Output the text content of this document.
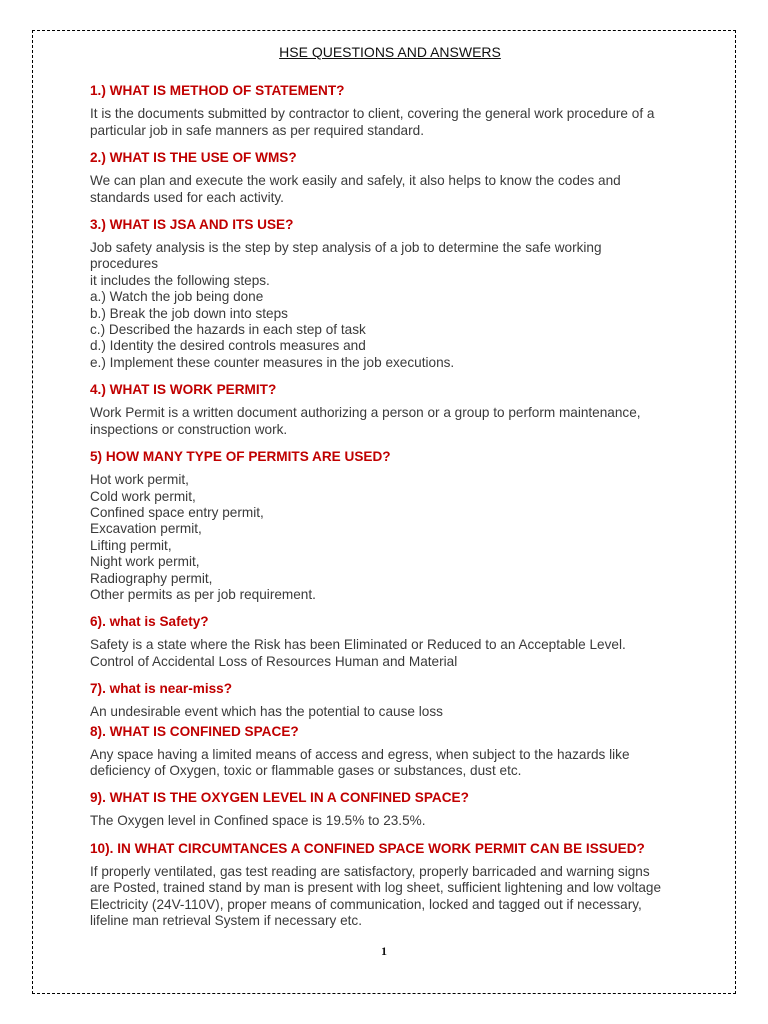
HSE QUESTIONS AND ANSWERS
1.) WHAT IS METHOD OF STATEMENT?
It is the documents submitted by contractor to client, covering the general work procedure of a
particular job in safe manners as per required standard.
2.) WHAT IS THE USE OF WMS?
We can plan and execute the work easily and safely, it also helps to know the codes and
standards used for each activity.
3.) WHAT IS JSA AND ITS USE?
Job safety analysis is the step by step analysis of a job to determine the safe working
procedures
it includes the following steps.
a.) Watch the job being done
b.) Break the job down into steps
c.) Described the hazards in each step of task
d.) Identity the desired controls measures and
e.) Implement these counter measures in the job executions.
4.) WHAT IS WORK PERMIT?
Work Permit is a written document authorizing a person or a group to perform maintenance,
inspections or construction work.
5) HOW MANY TYPE OF PERMITS ARE USED?
Hot work permit,
Cold work permit,
Confined space entry permit,
Excavation permit,
Lifting permit,
Night work permit,
Radiography permit,
Other permits as per job requirement.
6). what is Safety?
Safety is a state where the Risk has been Eliminated or Reduced to an Acceptable Level.
Control of Accidental Loss of Resources Human and Material
7). what is near-miss?
An undesirable event which has the potential to cause loss
8). WHAT IS CONFINED SPACE?
Any space having a limited means of access and egress, when subject to the hazards like
deficiency of Oxygen, toxic or flammable gases or substances, dust etc.
9). WHAT IS THE OXYGEN LEVEL IN A CONFINED SPACE?
The Oxygen level in Confined space is 19.5% to 23.5%.
10). IN WHAT CIRCUMTANCES A CONFINED SPACE WORK PERMIT CAN BE ISSUED?
If properly ventilated, gas test reading are satisfactory, properly barricaded and warning signs
are Posted, trained stand by man is present with log sheet, sufficient lightening and low voltage
Electricity (24V-110V), proper means of communication, locked and tagged out if necessary,
lifeline man retrieval System if necessary etc.
1
